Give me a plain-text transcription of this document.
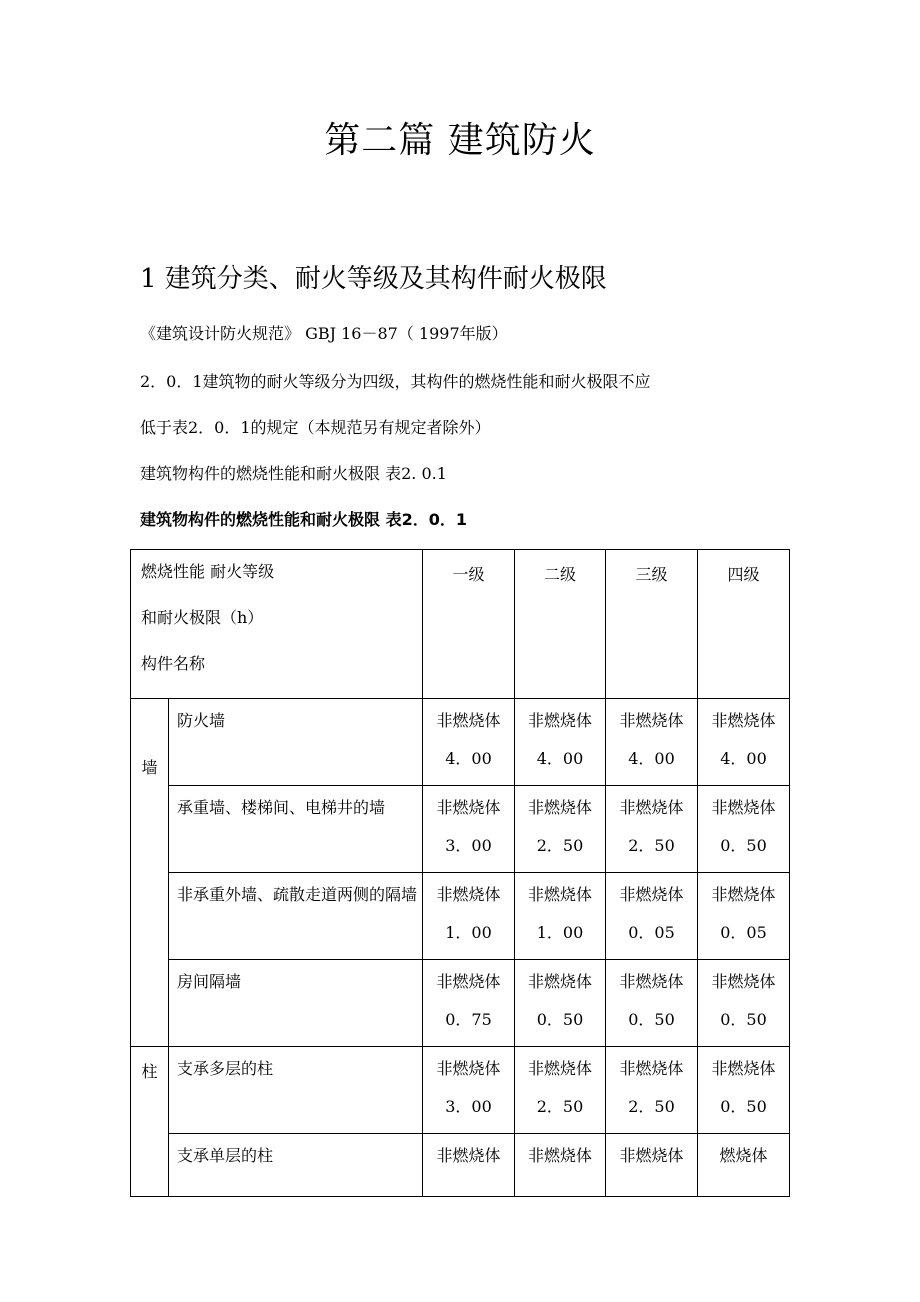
第二篇 建筑防火
1 建筑分类、耐火等级及其构件耐火极限
《建筑设计防火规范》 GBJ 16－87（ 1997年版）
2．0．1建筑物的耐火等级分为四级，其构件的燃烧性能和耐火极限不应
低于表2．0．1的规定（本规范另有规定者除外）
建筑物构件的燃烧性能和耐火极限 表2. 0.1
建筑物构件的燃烧性能和耐火极限 表2．0．1
燃烧性能 耐火等级
和耐火极限（h）
构件名称		一级	二级	三级	四级

墙	防火墙	非燃烧体
4．00	非燃烧体
4．00	非燃烧体
4．00	非燃烧体
4．00

	承重墙、楼梯间、电梯井的墙	非燃烧体
3．00	非燃烧体
2．50	非燃烧体
2．50	非燃烧体
0．50

	非承重外墙、疏散走道两侧的隔墙	非燃烧体
1．00	非燃烧体
1．00	非燃烧体
0．05	非燃烧体
0．05

	房间隔墙	非燃烧体
0．75	非燃烧体
0．50	非燃烧体
0．50	非燃烧体
0．50

柱	支承多层的柱	非燃烧体
3．00	非燃烧体
2．50	非燃烧体
2．50	非燃烧体
0．50

	支承单层的柱	非燃烧体	非燃烧体	非燃烧体	燃烧体
